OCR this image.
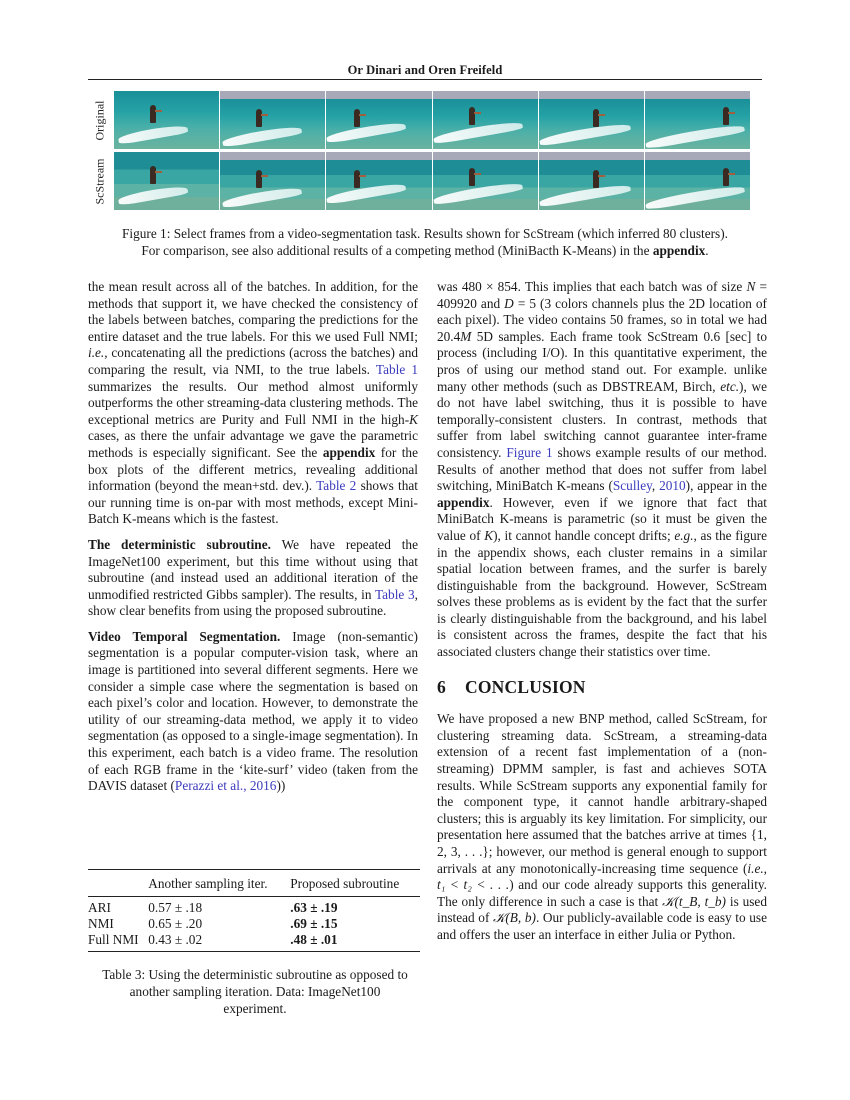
Or Dinari and Oren Freifeld
Original
ScStream
Figure 1: Select frames from a video-segmentation task. Results shown for ScStream (which inferred 80 clusters).
For comparison, see also additional results of a competing method (MiniBacth K-Means) in the appendix.

the mean result across all of the batches. In addition, for the methods that support it, we have checked the consistency of the labels between batches, comparing the predictions for the entire dataset and the true labels. For this we used Full NMI; i.e., concatenating all the predictions (across the batches) and comparing the result, via NMI, to the true labels. Table 1 summarizes the results. Our method almost uniformly outperforms the other streaming-data clustering methods. The exceptional metrics are Purity and Full NMI in the high-K cases, as there the unfair advantage we gave the parametric methods is especially significant. See the appendix for the box plots of the different metrics, revealing additional information (beyond the mean+std. dev.). Table 2 shows that our running time is on-par with most methods, except Mini-Batch K-means which is the fastest.

The deterministic subroutine. We have repeated the ImageNet100 experiment, but this time without using that subroutine (and instead used an additional iteration of the unmodified restricted Gibbs sampler). The results, in Table 3, show clear benefits from using the proposed subroutine.

Video Temporal Segmentation. Image (non-semantic) segmentation is a popular computer-vision task, where an image is partitioned into several different segments. Here we consider a simple case where the segmentation is based on each pixel’s color and location. However, to demonstrate the utility of our streaming-data method, we apply it to video segmentation (as opposed to a single-image segmentation). In this experiment, each batch is a video frame. The resolution of each RGB frame in the ‘kite-surf’ video (taken from the DAVIS dataset (Perazzi et al., 2016))

	Another sampling iter.	Proposed subroutine
ARI	0.57 ± .18	.63 ± .19
NMI	0.65 ± .20	.69 ± .15
Full NMI	0.43 ± .02	.48 ± .01
Table 3: Using the deterministic subroutine as opposed to another sampling iteration. Data: ImageNet100 experiment.

was 480 × 854. This implies that each batch was of size N = 409920 and D = 5 (3 colors channels plus the 2D location of each pixel). The video contains 50 frames, so in total we had 20.4M 5D samples. Each frame took ScStream 0.6 [sec] to process (including I/O). In this quantitative experiment, the pros of using our method stand out. For example. unlike many other methods (such as DBSTREAM, Birch, etc.), we do not have label switching, thus it is possible to have temporally-consistent clusters. In contrast, methods that suffer from label switching cannot guarantee inter-frame consistency. Figure 1 shows example results of our method. Results of another method that does not suffer from label switching, MiniBatch K-means (Sculley, 2010), appear in the appendix. However, even if we ignore that fact that MiniBatch K-means is parametric (so it must be given the value of K), it cannot handle concept drifts; e.g., as the figure in the appendix shows, each cluster remains in a similar spatial location between frames, and the surfer is barely distinguishable from the background. However, ScStream solves these problems as is evident by the fact that the surfer is clearly distinguishable from the background, and his label is consistent across the frames, despite the fact that his associated clusters change their statistics over time.

6 CONCLUSION

We have proposed a new BNP method, called ScStream, for clustering streaming data. ScStream, a streaming-data extension of a recent fast implementation of a (non-streaming) DPMM sampler, is fast and achieves SOTA results. While ScStream supports any exponential family for the component type, it cannot handle arbitrary-shaped clusters; this is arguably its key limitation. For simplicity, our presentation here assumed that the batches arrive at times {1, 2, 3, . . .}; however, our method is general enough to support arrivals at any monotonically-increasing time sequence (i.e., t₁ < t₂ < . . .) and our code already supports this generality. The only difference in such a case is that 𝒦(t_B, t_b) is used instead of 𝒦(B, b). Our publicly-available code is easy to use and offers the user an interface in either Julia or Python.
